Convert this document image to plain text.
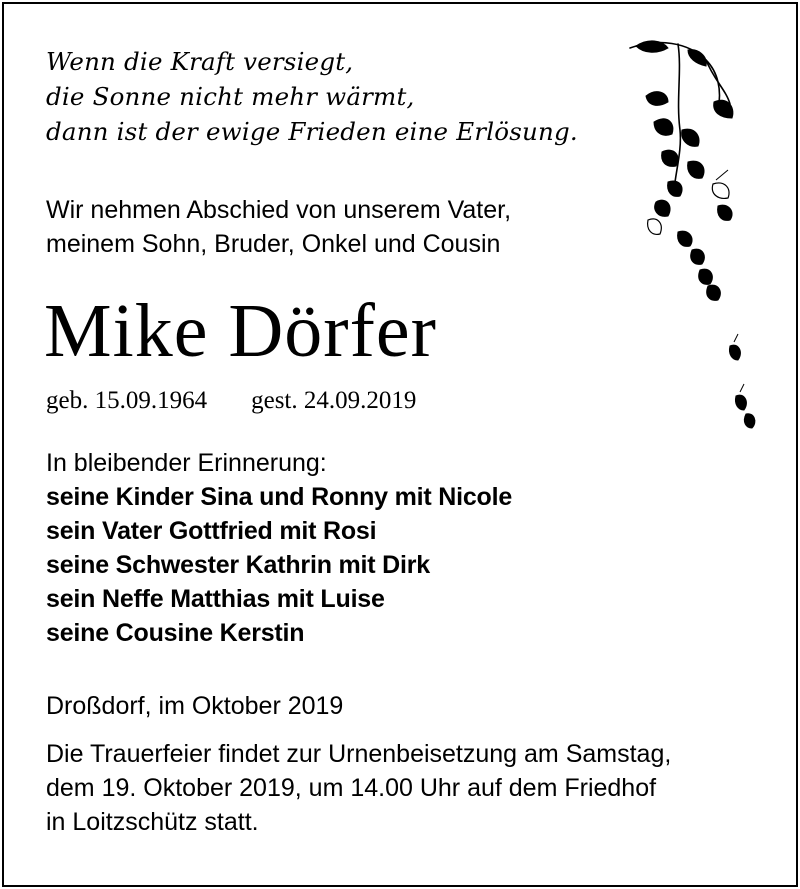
Wenn die Kraft versiegt,
die Sonne nicht mehr wärmt,
dann ist der ewige Frieden eine Erlösung.
Wir nehmen Abschied von unserem Vater,
meinem Sohn, Bruder, Onkel und Cousin
Mike Dörfer
geb. 15.09.1964 gest. 24.09.2019
In bleibender Erinnerung:
seine Kinder Sina und Ronny mit Nicole
sein Vater Gottfried mit Rosi
seine Schwester Kathrin mit Dirk
sein Neffe Matthias mit Luise
seine Cousine Kerstin
Droßdorf, im Oktober 2019
Die Trauerfeier findet zur Urnenbeisetzung am Samstag,
dem 19. Oktober 2019, um 14.00 Uhr auf dem Friedhof
in Loitzschütz statt.
